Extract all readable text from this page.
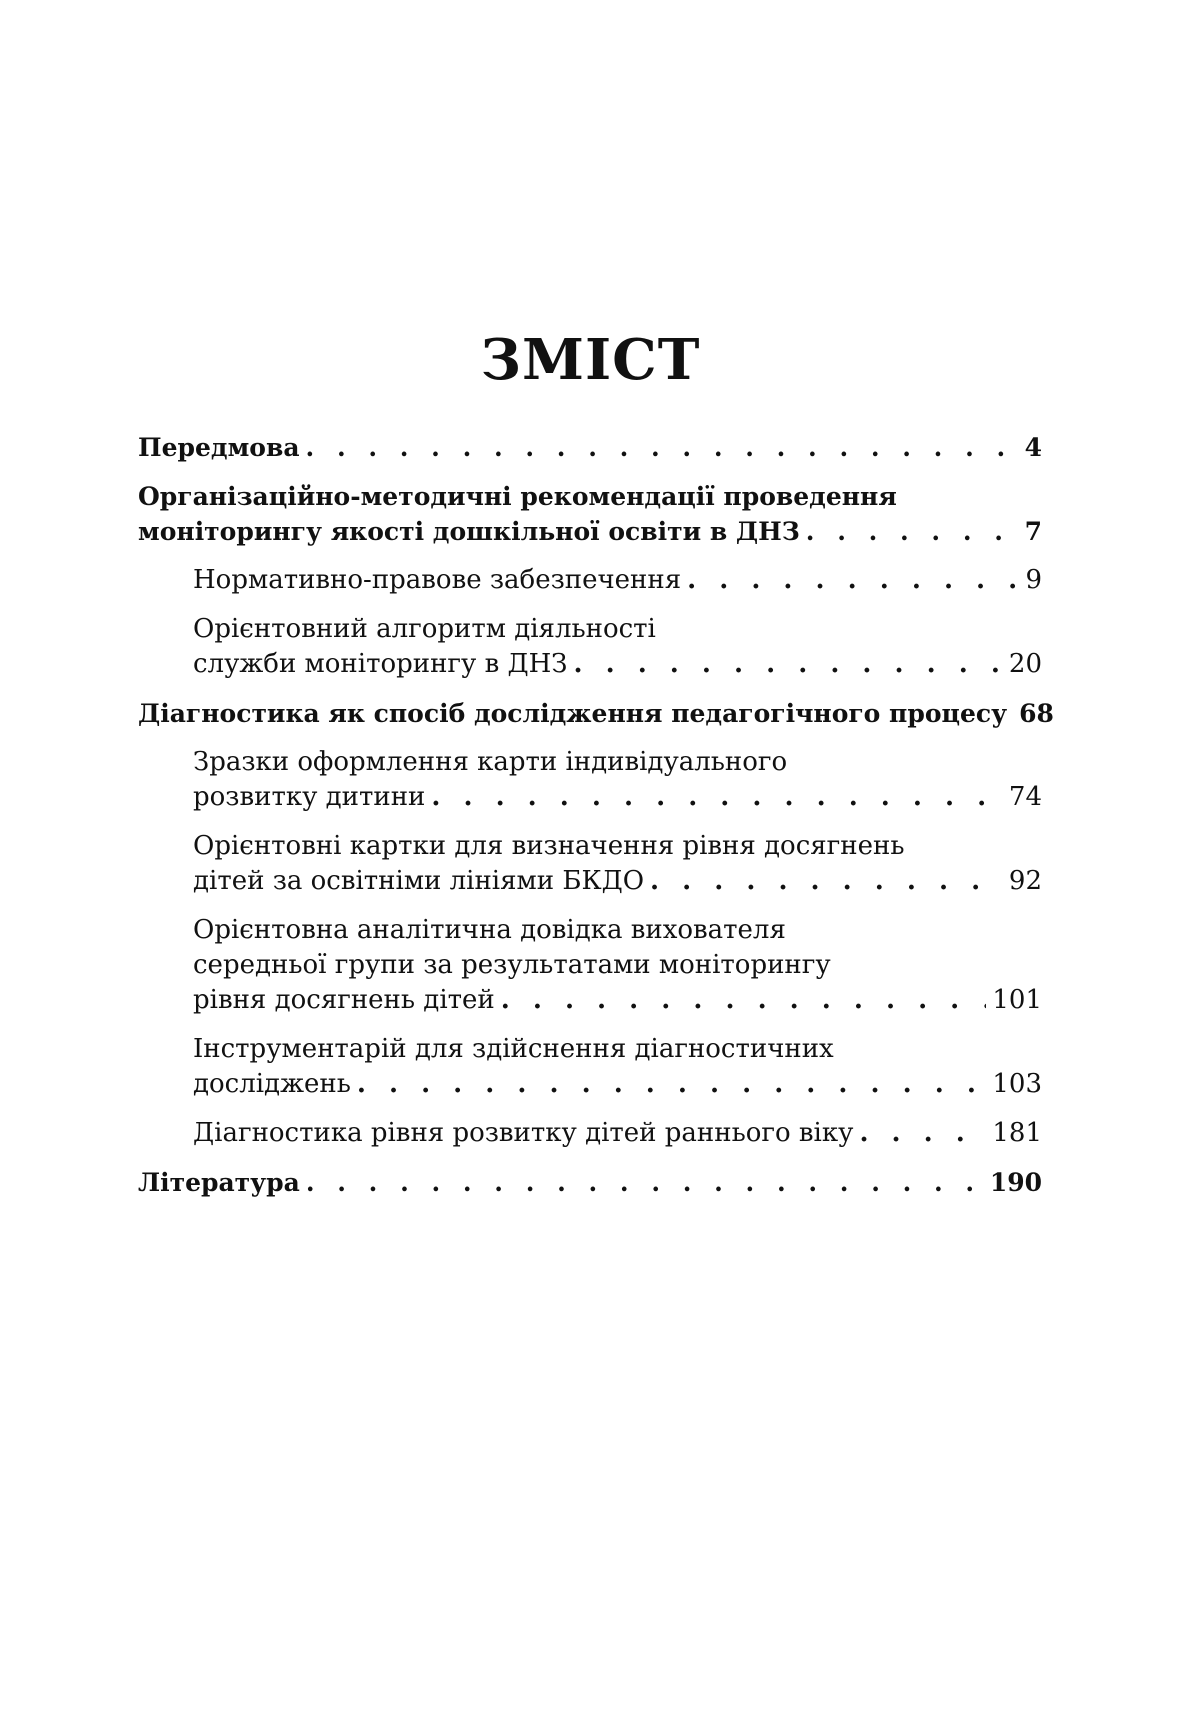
ЗМІСТ
Передмова . . .	4
Організаційно-методичні рекомендації проведення
моніторингу якості дошкільної освіти в ДНЗ . . .	7
Нормативно-правове забезпечення . . .	9
Орієнтовний алгоритм діяльності
служби моніторингу в ДНЗ . . .	20
Діагностика як спосіб дослідження педагогічного процесу 68
Зразки оформлення карти індивідуального
розвитку дитини . . .	74
Орієнтовні картки для визначення рівня досягнень
дітей за освітніми лініями БКДО . . .	92
Орієнтовна аналітична довідка вихователя
середньої групи за результатами моніторингу
рівня досягнень дітей . . .	101
Інструментарій для здійснення діагностичних
досліджень . . .	103
Діагностика рівня розвитку дітей раннього віку . . .	181
Література . . .	190
